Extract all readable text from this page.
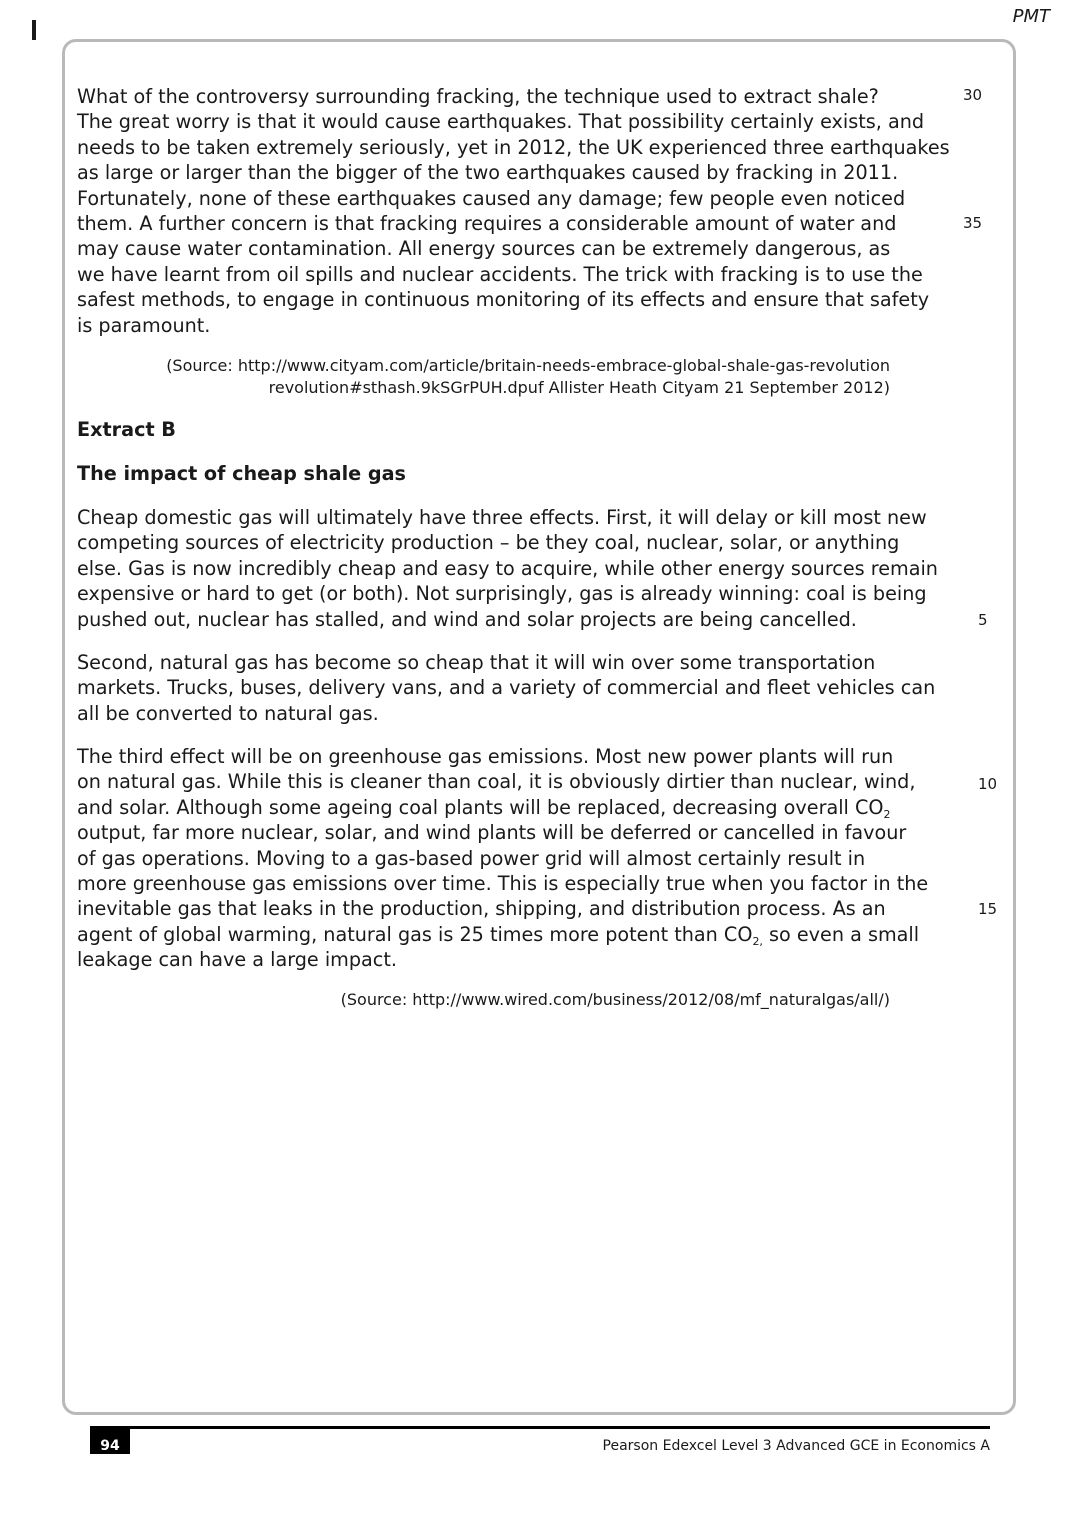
PMT

What of the controversy surrounding fracking, the technique used to extract shale?
The great worry is that it would cause earthquakes. That possibility certainly exists, and
needs to be taken extremely seriously, yet in 2012, the UK experienced three earthquakes
as large or larger than the bigger of the two earthquakes caused by fracking in 2011.
Fortunately, none of these earthquakes caused any damage; few people even noticed
them. A further concern is that fracking requires a considerable amount of water and
may cause water contamination. All energy sources can be extremely dangerous, as
we have learnt from oil spills and nuclear accidents. The trick with fracking is to use the
safest methods, to engage in continuous monitoring of its effects and ensure that safety
is paramount.

30
35
(Source: http://www.cityam.com/article/britain-needs-embrace-global-shale-gas-revolution
revolution#sthash.9kSGrPUH.dpuf Allister Heath Cityam 21 September 2012)
Extract B
The impact of cheap shale gas

Cheap domestic gas will ultimately have three effects. First, it will delay or kill most new
competing sources of electricity production – be they coal, nuclear, solar, or anything
else. Gas is now incredibly cheap and easy to acquire, while other energy sources remain
expensive or hard to get (or both). Not surprisingly, gas is already winning: coal is being
pushed out, nuclear has stalled, and wind and solar projects are being cancelled.	5

Second, natural gas has become so cheap that it will win over some transportation
markets. Trucks, buses, delivery vans, and a variety of commercial and fleet vehicles can
all be converted to natural gas.

The third effect will be on greenhouse gas emissions. Most new power plants will run
on natural gas. While this is cleaner than coal, it is obviously dirtier than nuclear, wind,
and solar. Although some ageing coal plants will be replaced, decreasing overall $CO_2$
output, far more nuclear, solar, and wind plants will be deferred or cancelled in favour
of gas operations. Moving to a gas-based power grid will almost certainly result in
more greenhouse gas emissions over time. This is especially true when you factor in the
inevitable gas that leaks in the production, shipping, and distribution process. As an
agent of global warming, natural gas is 25 times more potent than $CO_{2,}$ so even a small
leakage can have a large impact.

10
15
(Source: http://www.wired.com/business/2012/08/mf_naturalgas/all/)
94	Pearson Edexcel Level 3 Advanced GCE in Economics A
